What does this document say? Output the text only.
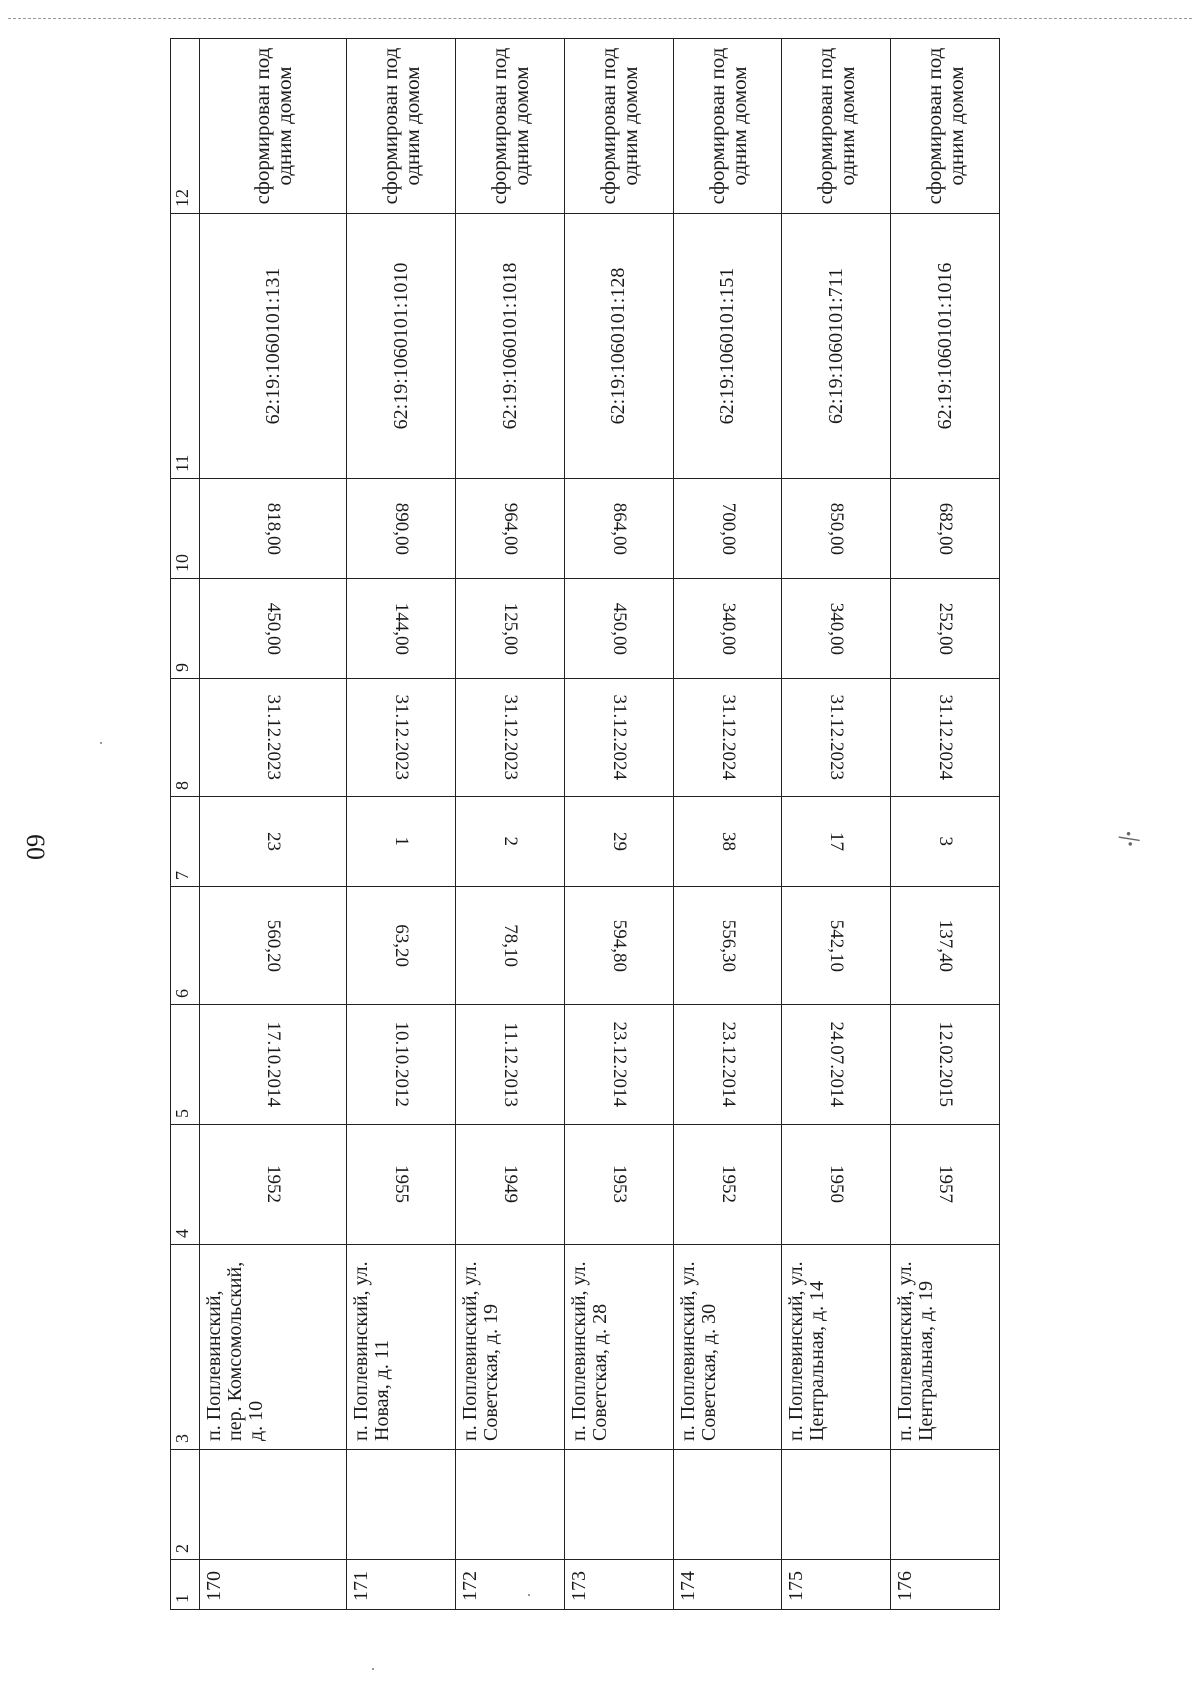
60	·/·
1	2	3	4	5	6	7	8	9	10	11	12
170		п. Поплевинский, пер. Комсомольский, д. 10	1952	17.10.2014	560,20	23	31.12.2023	450,00	818,00	62:19:1060101:131	сформирован под одним домом
171		п. Поплевинский, ул. Новая, д. 11	1955	10.10.2012	63,20	1	31.12.2023	144,00	890,00	62:19:1060101:1010	сформирован под одним домом
172		п. Поплевинский, ул. Советская, д. 19	1949	11.12.2013	78,10	2	31.12.2023	125,00	964,00	62:19:1060101:1018	сформирован под одним домом
173		п. Поплевинский, ул. Советская, д. 28	1953	23.12.2014	594,80	29	31.12.2024	450,00	864,00	62:19:1060101:128	сформирован под одним домом
174		п. Поплевинский, ул. Советская, д. 30	1952	23.12.2014	556,30	38	31.12.2024	340,00	700,00	62:19:1060101:151	сформирован под одним домом
175		п. Поплевинский, ул. Центральная, д. 14	1950	24.07.2014	542,10	17	31.12.2023	340,00	850,00	62:19:1060101:711	сформирован под одним домом
176		п. Поплевинский, ул. Центральная, д. 19	1957	12.02.2015	137,40	3	31.12.2024	252,00	682,00	62:19:1060101:1016	сформирован под одним домом
